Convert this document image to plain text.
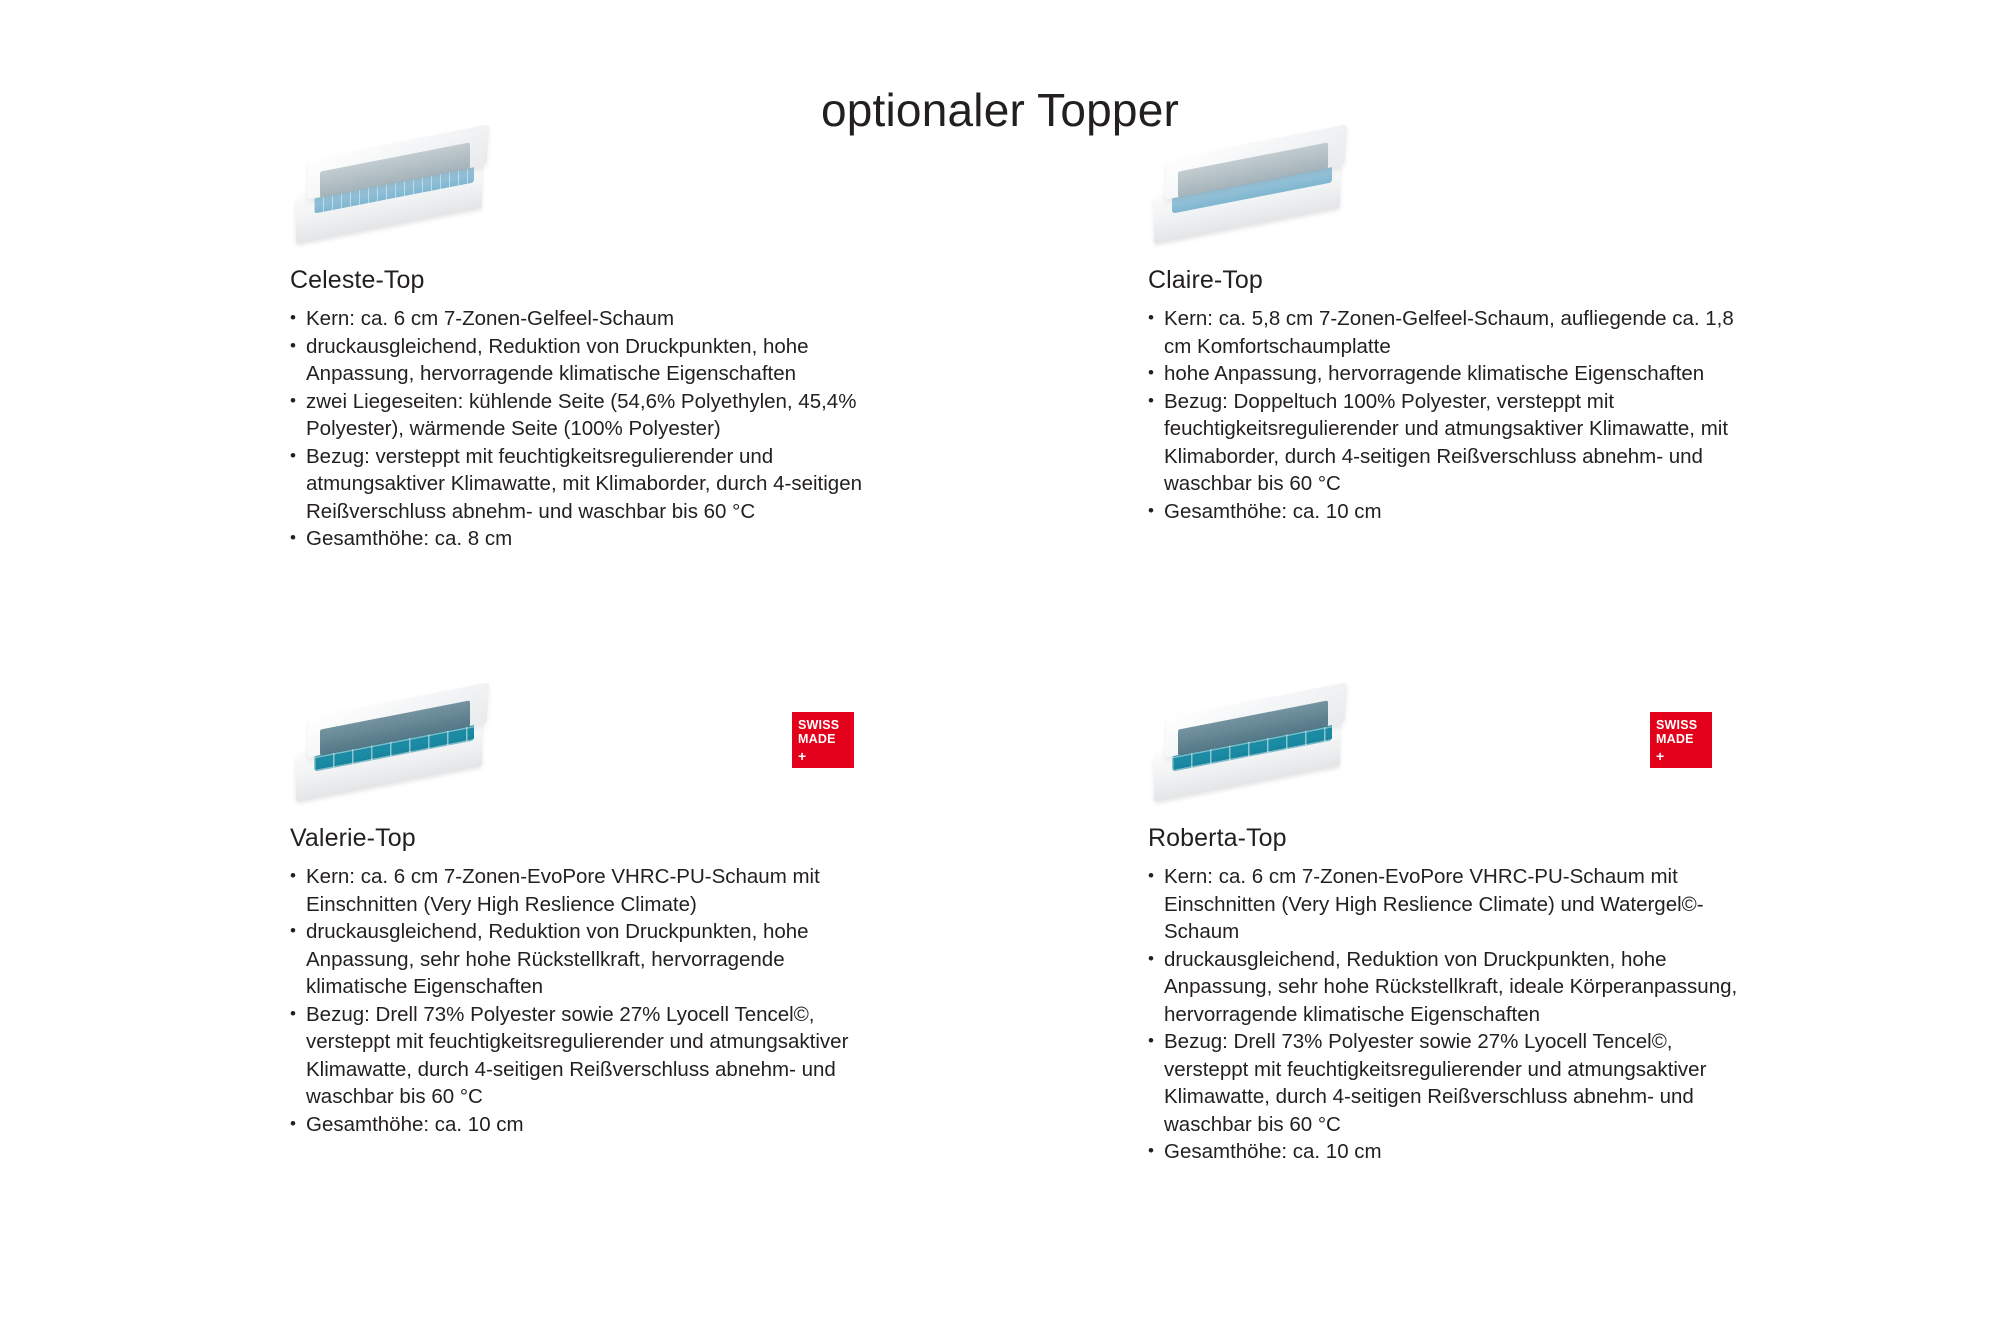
optionaler Topper
Celeste-Top
• Kern: ca. 6 cm 7-Zonen-Gelfeel-Schaum
• druckausgleichend, Reduktion von Druckpunkten, hohe Anpassung, hervorragende klimatische Eigenschaften
• zwei Liegeseiten: kühlende Seite (54,6% Polyethylen, 45,4% Polyester), wärmende Seite (100% Polyester)
• Bezug: versteppt mit feuchtigkeitsregulierender und atmungsaktiver Klimawatte, mit Klimaborder, durch 4-seitigen Reißverschluss abnehm- und waschbar bis 60 °C
• Gesamthöhe: ca. 8 cm
Claire-Top
• Kern: ca. 5,8 cm 7-Zonen-Gelfeel-Schaum, aufliegende ca. 1,8 cm Komfortschaumplatte
• hohe Anpassung, hervorragende klimatische Eigenschaften
• Bezug: Doppeltuch 100% Polyester, versteppt mit feuchtigkeitsregulierender und atmungsaktiver Klimawatte, mit Klimaborder, durch 4-seitigen Reißverschluss abnehm- und waschbar bis 60 °C
• Gesamthöhe: ca. 10 cm
SWISS
MADE
+
Valerie-Top
• Kern: ca. 6 cm 7-Zonen-EvoPore VHRC-PU-Schaum mit Einschnitten (Very High Reslience Climate)
• druckausgleichend, Reduktion von Druckpunkten, hohe Anpassung, sehr hohe Rückstellkraft, hervorragende klimatische Eigenschaften
• Bezug: Drell 73% Polyester sowie 27% Lyocell Tencel©, versteppt mit feuchtigkeitsregulierender und atmungsaktiver Klimawatte, durch 4-seitigen Reißverschluss abnehm- und waschbar bis 60 °C
• Gesamthöhe: ca. 10 cm
SWISS
MADE
+
Roberta-Top
• Kern: ca. 6 cm 7-Zonen-EvoPore VHRC-PU-Schaum mit Einschnitten (Very High Reslience Climate) und Watergel©-Schaum
• druckausgleichend, Reduktion von Druckpunkten, hohe Anpassung, sehr hohe Rückstellkraft, ideale Körperanpassung, hervorragende klimatische Eigenschaften
• Bezug: Drell 73% Polyester sowie 27% Lyocell Tencel©, versteppt mit feuchtigkeitsregulierender und atmungsaktiver Klimawatte, durch 4-seitigen Reißverschluss abnehm- und waschbar bis 60 °C
• Gesamthöhe: ca. 10 cm
